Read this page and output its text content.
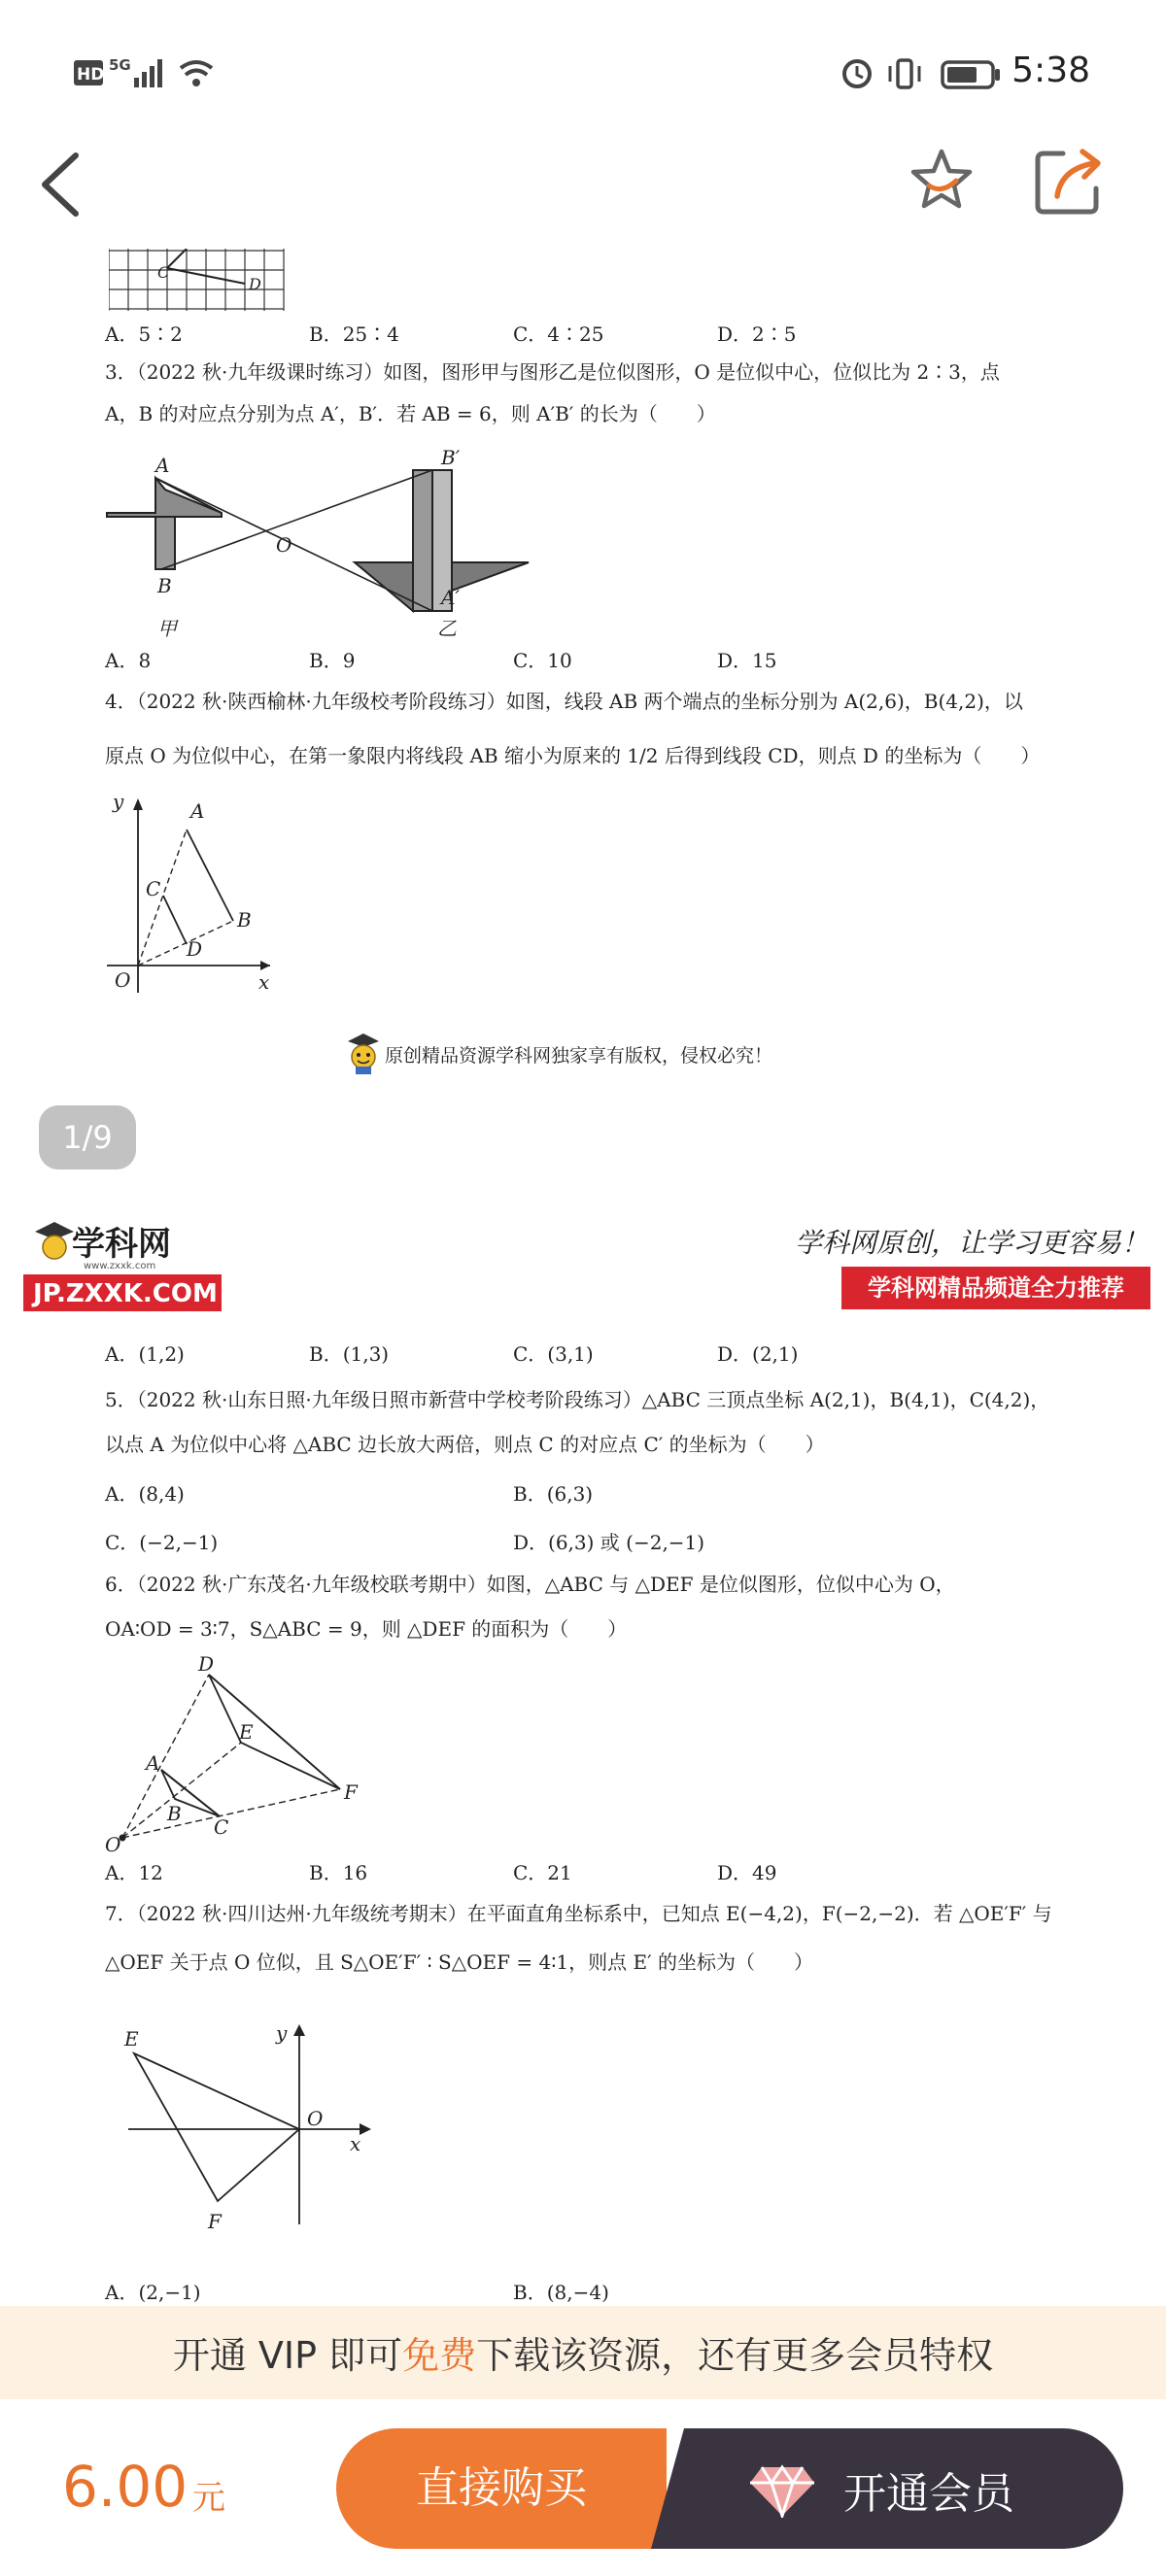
HD 5G	5:38
C
D
A．5∶2	B．25∶4	C．4∶25	D．2∶5
3．（2022 秋·九年级课时练习）如图，图形甲与图形乙是位似图形，O 是位似中心，位似比为 2∶3，点
A，B 的对应点分别为点 A′，B′．若 AB = 6，则 A′B′ 的长为（　　）
A
B
O
B′
A′
甲	乙
A．8	B．9	C．10	D．15
4．（2022 秋·陕西榆林·九年级校考阶段练习）如图，线段 AB 两个端点的坐标分别为 A(2,6)，B(4,2)，以
原点 O 为位似中心，在第一象限内将线段 AB 缩小为原来的 1/2 后得到线段 CD，则点 D 的坐标为（　　）
A
B
C
D
O
y
x
原创精品资源学科网独家享有版权，侵权必究！
1/9
学科网
www.zxxk.com
JP.ZXXK.COM
学科网原创，让学习更容易！
学科网精品频道全力推荐
A．(1,2)	B．(1,3)	C．(3,1)	D．(2,1)
5．（2022 秋·山东日照·九年级日照市新营中学校考阶段练习）△ABC 三顶点坐标 A(2,1)，B(4,1)，C(4,2)，
以点 A 为位似中心将 △ABC 边长放大两倍，则点 C 的对应点 C′ 的坐标为（　　）
A．(8,4)	B．(6,3)
C．(−2,−1)	D．(6,3) 或 (−2,−1)
6．（2022 秋·广东茂名·九年级校联考期中）如图，△ABC 与 △DEF 是位似图形，位似中心为 O，
OA∶OD = 3∶7，S△ABC = 9，则 △DEF 的面积为（　　）
D
E
F
A
B
C
O
A．12	B．16	C．21	D．49
7．（2022 秋·四川达州·九年级统考期末）在平面直角坐标系中，已知点 E(−4,2)，F(−2,−2)．若 △OE′F′ 与
△OEF 关于点 O 位似，且 S△OE′F′ ∶ S△OEF = 4∶1，则点 E′ 的坐标为（　　）
E
F
O
y
x
A．(2,−1)	B．(8,−4)
开通 VIP 即可免费下载该资源，还有更多会员特权
6.00 元	直接购买	开通会员
